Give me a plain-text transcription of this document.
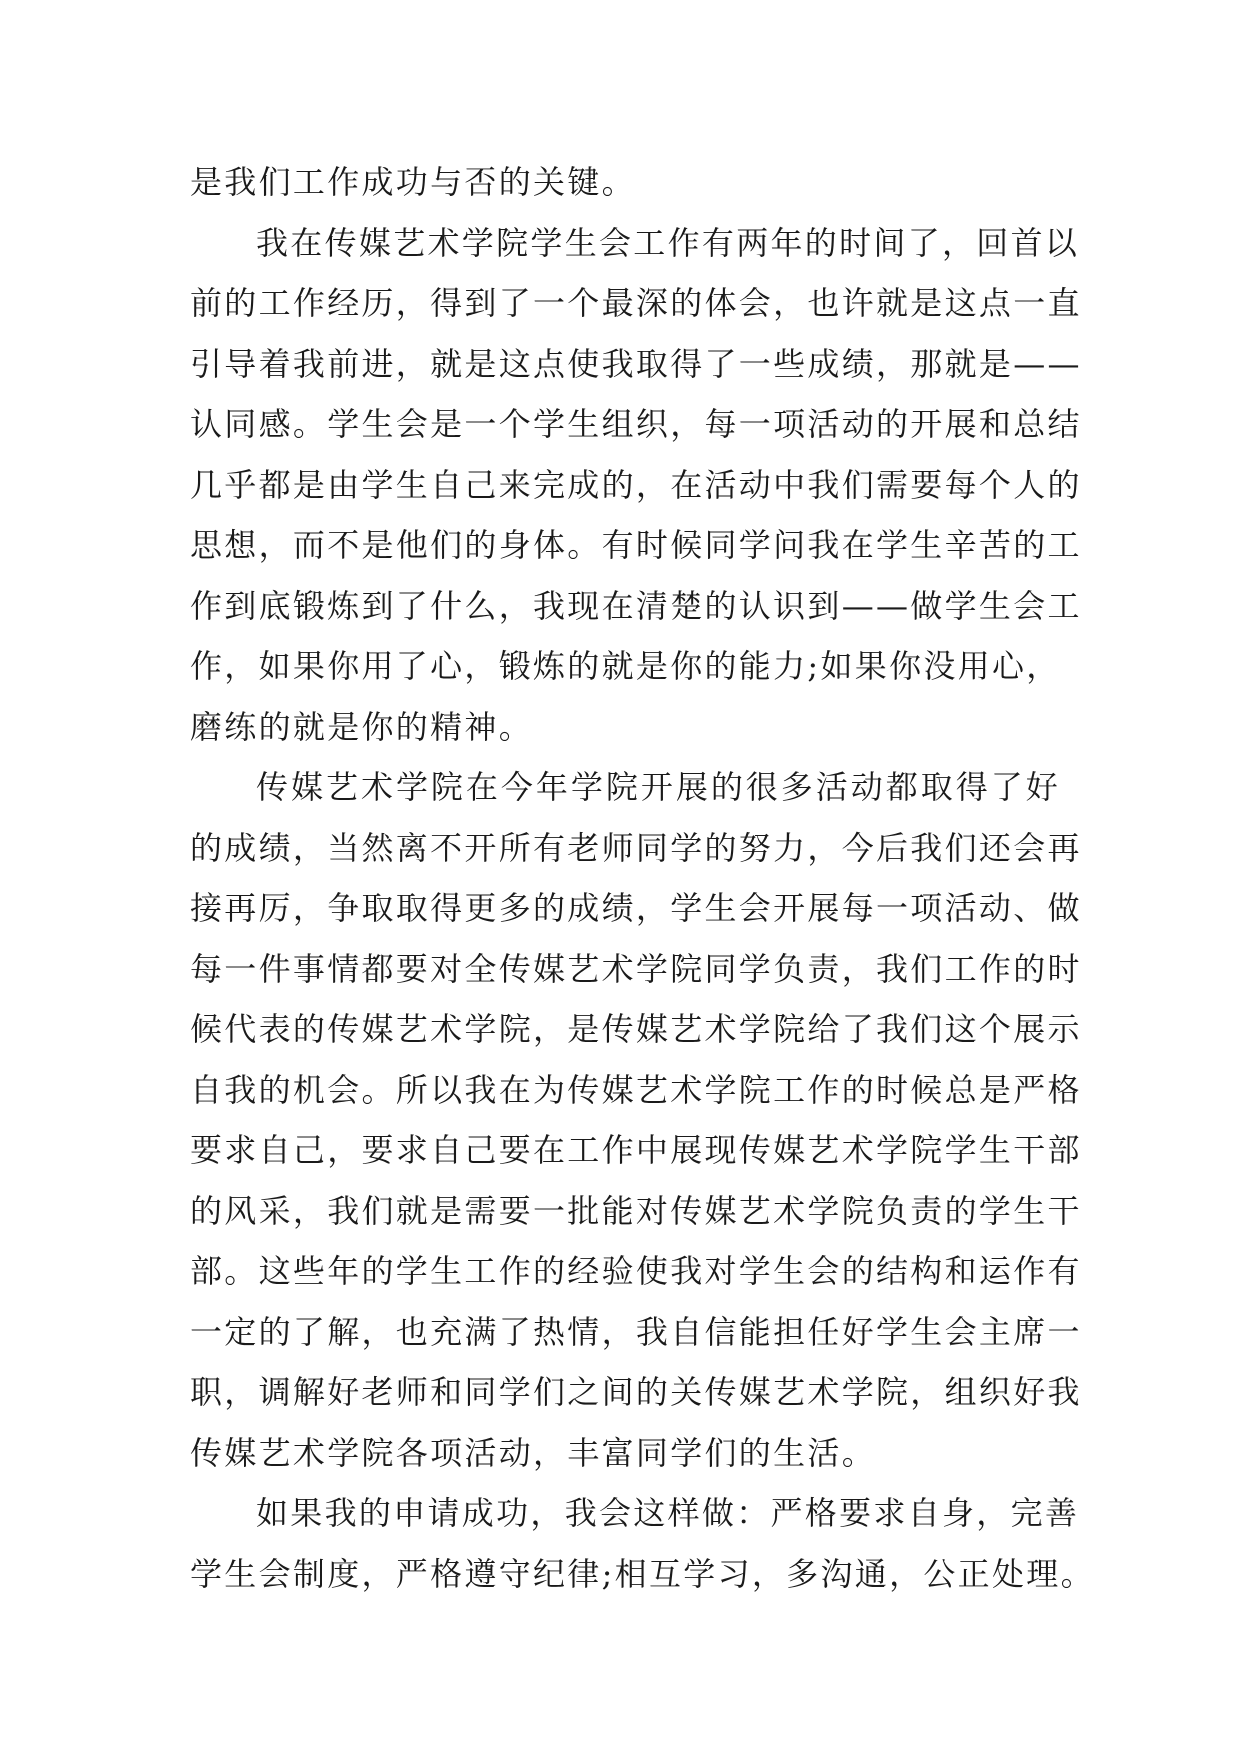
是我们工作成功与否的关键。
我在传媒艺术学院学生会工作有两年的时间了，回首以
前的工作经历，得到了一个最深的体会，也许就是这点一直
引导着我前进，就是这点使我取得了一些成绩，那就是——
认同感。学生会是一个学生组织，每一项活动的开展和总结
几乎都是由学生自己来完成的，在活动中我们需要每个人的
思想，而不是他们的身体。有时候同学问我在学生辛苦的工
作到底锻炼到了什么，我现在清楚的认识到——做学生会工
作，如果你用了心，锻炼的就是你的能力;如果你没用心，
磨练的就是你的精神。
传媒艺术学院在今年学院开展的很多活动都取得了好
的成绩，当然离不开所有老师同学的努力，今后我们还会再
接再厉，争取取得更多的成绩，学生会开展每一项活动、做
每一件事情都要对全传媒艺术学院同学负责，我们工作的时
候代表的传媒艺术学院，是传媒艺术学院给了我们这个展示
自我的机会。所以我在为传媒艺术学院工作的时候总是严格
要求自己，要求自己要在工作中展现传媒艺术学院学生干部
的风采，我们就是需要一批能对传媒艺术学院负责的学生干
部。这些年的学生工作的经验使我对学生会的结构和运作有
一定的了解，也充满了热情，我自信能担任好学生会主席一
职，调解好老师和同学们之间的关传媒艺术学院，组织好我
传媒艺术学院各项活动，丰富同学们的生活。
如果我的申请成功，我会这样做：严格要求自身，完善
学生会制度，严格遵守纪律;相互学习，多沟通，公正处理。
